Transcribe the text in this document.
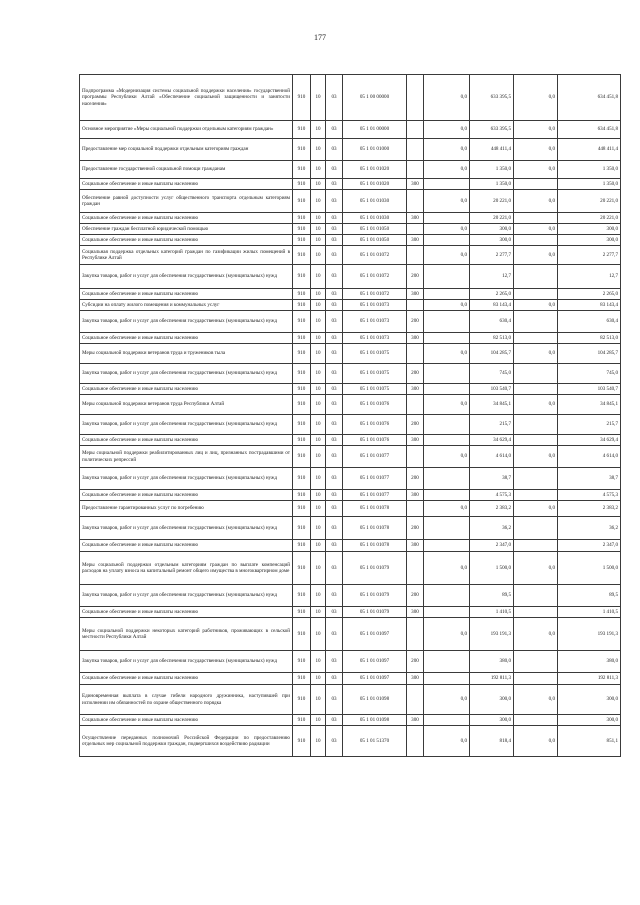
177
Подпрограмма «Модернизация системы социальной поддержки населения» государственной программы Республики Алтай «Обеспечение социальной защищенности и занятости населения»	910	10	03	05 1 00 00000		0,0	633 395,5	0,0	634 451,8
Основное мероприятие «Меры социальной поддержки отдельным категориям граждан»	910	10	03	05 1 01 00000		0,0	633 395,5	0,0	634 451,8
Предоставление мер социальной поддержки отдельным категориям граждан	910	10	03	05 1 01 01000		0,0	448 411,4	0,0	448 411,4
Предоставление государственной социальной помощи гражданам	910	10	03	05 1 01 01020		0,0	1 350,0	0,0	1 350,0
Социальное обеспечение и иные выплаты населению	910	10	03	05 1 01 01020	300		1 350,0		1 350,0
Обеспечение равной доступности услуг общественного транспорта отдельным категориям граждан	910	10	03	05 1 01 01030		0,0	20 221,0	0,0	20 221,0
Социальное обеспечение и иные выплаты населению	910	10	03	05 1 01 01030	300		20 221,0		20 221,0
Обеспечение граждан бесплатной юридической помощью	910	10	03	05 1 01 01050		0,0	300,0	0,0	300,0
Социальное обеспечение и иные выплаты населению	910	10	03	05 1 01 01050	300		300,0		300,0
Социальная поддержка отдельных категорий граждан по газификации жилых помещений в Республике Алтай	910	10	03	05 1 01 01072		0,0	2 277,7	0,0	2 277,7
Закупка товаров, работ и услуг для обеспечения государственных (муниципальных) нужд	910	10	03	05 1 01 01072	200		12,7		12,7
Социальное обеспечение и иные выплаты населению	910	10	03	05 1 01 01072	300		2 265,0		2 265,0
Субсидии на оплату жилого помещения и коммунальных услуг	910	10	03	05 1 01 01073		0,0	83 143,4	0,0	83 143,4
Закупка товаров, работ и услуг для обеспечения государственных (муниципальных) нужд	910	10	03	05 1 01 01073	200		630,4		630,4
Социальное обеспечение и иные выплаты населению	910	10	03	05 1 01 01073	300		82 513,0		82 513,0
Меры социальной поддержки ветеранов труда и тружеников тыла	910	10	03	05 1 01 01075		0,0	104 285,7	0,0	104 285,7
Закупка товаров, работ и услуг для обеспечения государственных (муниципальных) нужд	910	10	03	05 1 01 01075	200		745,0		745,0
Социальное обеспечение и иные выплаты населению	910	10	03	05 1 01 01075	300		103 540,7		103 540,7
Меры социальной поддержки ветеранов труда Республики Алтай	910	10	03	05 1 01 01076		0,0	34 845,1	0,0	34 845,1
Закупка товаров, работ и услуг для обеспечения государственных (муниципальных) нужд	910	10	03	05 1 01 01076	200		215,7		215,7
Социальное обеспечение и иные выплаты населению	910	10	03	05 1 01 01076	300		34 629,4		34 629,4
Меры социальной поддержки реабилитированных лиц и лиц, признанных пострадавшими от политических репрессий	910	10	03	05 1 01 01077		0,0	4 614,0	0,0	4 614,0
Закупка товаров, работ и услуг для обеспечения государственных (муниципальных) нужд	910	10	03	05 1 01 01077	200		38,7		38,7
Социальное обеспечение и иные выплаты населению	910	10	03	05 1 01 01077	300		4 575,3		4 575,3
Предоставление гарантированных услуг по погребению	910	10	03	05 1 01 01078		0,0	2 383,2	0,0	2 383,2
Закупка товаров, работ и услуг для обеспечения государственных (муниципальных) нужд	910	10	03	05 1 01 01078	200		36,2		36,2
Социальное обеспечение и иные выплаты населению	910	10	03	05 1 01 01078	300		2 347,0		2 347,0
Меры социальной поддержки отдельным категориям граждан по выплате компенсаций расходов на уплату взноса на капитальный ремонт общего имущества в многоквартирном доме	910	10	03	05 1 01 01079		0,0	1 500,0	0,0	1 500,0
Закупка товаров, работ и услуг для обеспечения государственных (муниципальных) нужд	910	10	03	05 1 01 01079	200		89,5		89,5
Социальное обеспечение и иные выплаты населению	910	10	03	05 1 01 01079	300		1 410,5		1 410,5
Меры социальной поддержки некоторых категорий работников, проживающих в сельской местности Республики Алтай	910	10	03	05 1 01 01097		0,0	193 191,3	0,0	193 191,3
Закупка товаров, работ и услуг для обеспечения государственных (муниципальных) нужд	910	10	03	05 1 01 01097	200		380,0		380,0
Социальное обеспечение и иные выплаты населению	910	10	03	05 1 01 01097	300		192 811,3		192 811,3
Единовременная выплата в случае гибели народного дружинника, наступившей при исполнении им обязанностей по охране общественного порядка	910	10	03	05 1 01 01098		0,0	300,0	0,0	300,0
Социальное обеспечение и иные выплаты населению	910	10	03	05 1 01 01098	300		300,0		300,0
Осуществление переданных полномочий Российской Федерации по предоставлению отдельных мер социальной поддержки граждан, подвергшихся воздействию радиации	910	10	03	05 1 01 51370		0,0	818,4	0,0	851,1
